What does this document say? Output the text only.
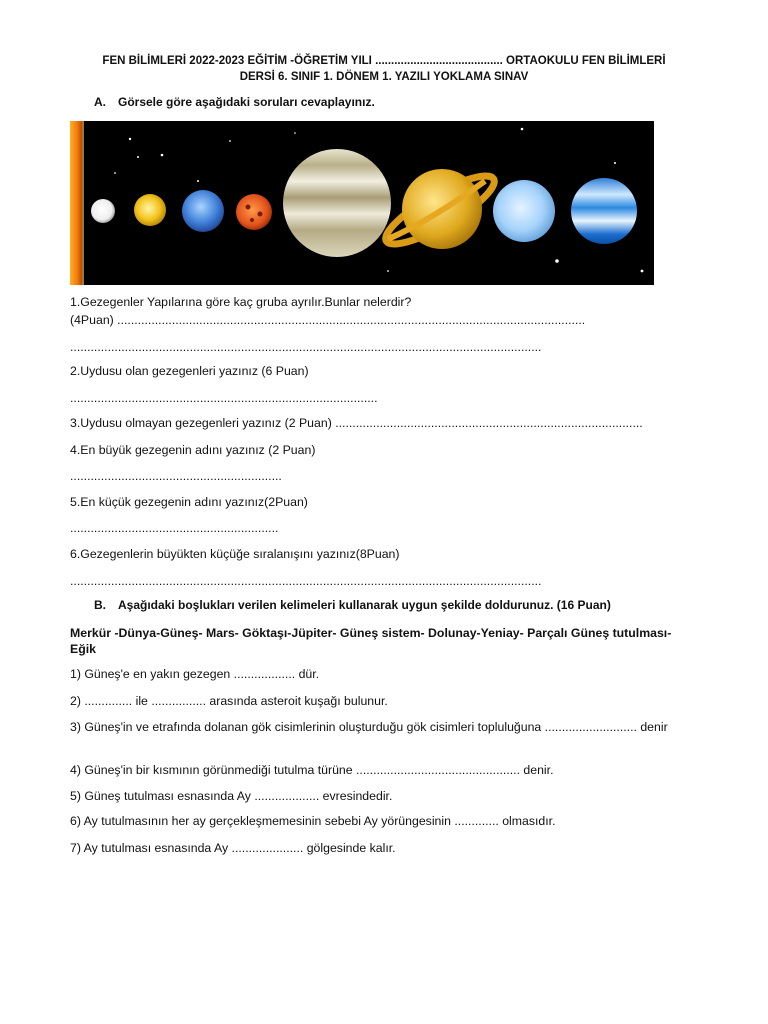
FEN BİLİMLERİ 2022-2023 EĞİTİM -ÖĞRETİM YILI ........................................ ORTAOKULU FEN BİLİMLERİ
DERSİ 6. SINIF 1. DÖNEM 1. YAZILI YOKLAMA SINAV
A. Görsele göre aşağıdaki soruları cevaplayınız.
1.Gezegenler Yapılarına göre kaç gruba ayrılır.Bunlar nelerdir?
(4Puan) .........................................................................................................................................
..........................................................................................................................................
2.Uydusu olan gezegenleri yazınız (6 Puan)
..........................................................................................
3.Uydusu olmayan gezegenleri yazınız (2 Puan) ..........................................................................................
4.En büyük gezegenin adını yazınız (2 Puan)
..............................................................
5.En küçük gezegenin adını yazınız(2Puan)
.............................................................
6.Gezegenlerin büyükten küçüğe sıralanışını yazınız(8Puan)
..........................................................................................................................................
B. Aşağıdaki boşlukları verilen kelimeleri kullanarak uygun şekilde doldurunuz. (16 Puan)
Merkür -Dünya-Güneş- Mars- Göktaşı-Jüpiter- Güneş sistem- Dolunay-Yeniay- Parçalı Güneş tutulması-Eğik
1) Güneş'e en yakın gezegen .................. dür.
2) .............. ile ................ arasında asteroit kuşağı bulunur.
3) Güneş'in ve etrafında dolanan gök cisimlerinin oluşturduğu gök cisimleri topluluğuna ........................... denir
4) Güneş'in bir kısmının görünmediği tutulma türüne ................................................ denir.
5) Güneş tutulması esnasında Ay ................... evresindedir.
6) Ay tutulmasının her ay gerçekleşmemesinin sebebi Ay yörüngesinin ............. olmasıdır.
7) Ay tutulması esnasında Ay ..................... gölgesinde kalır.
